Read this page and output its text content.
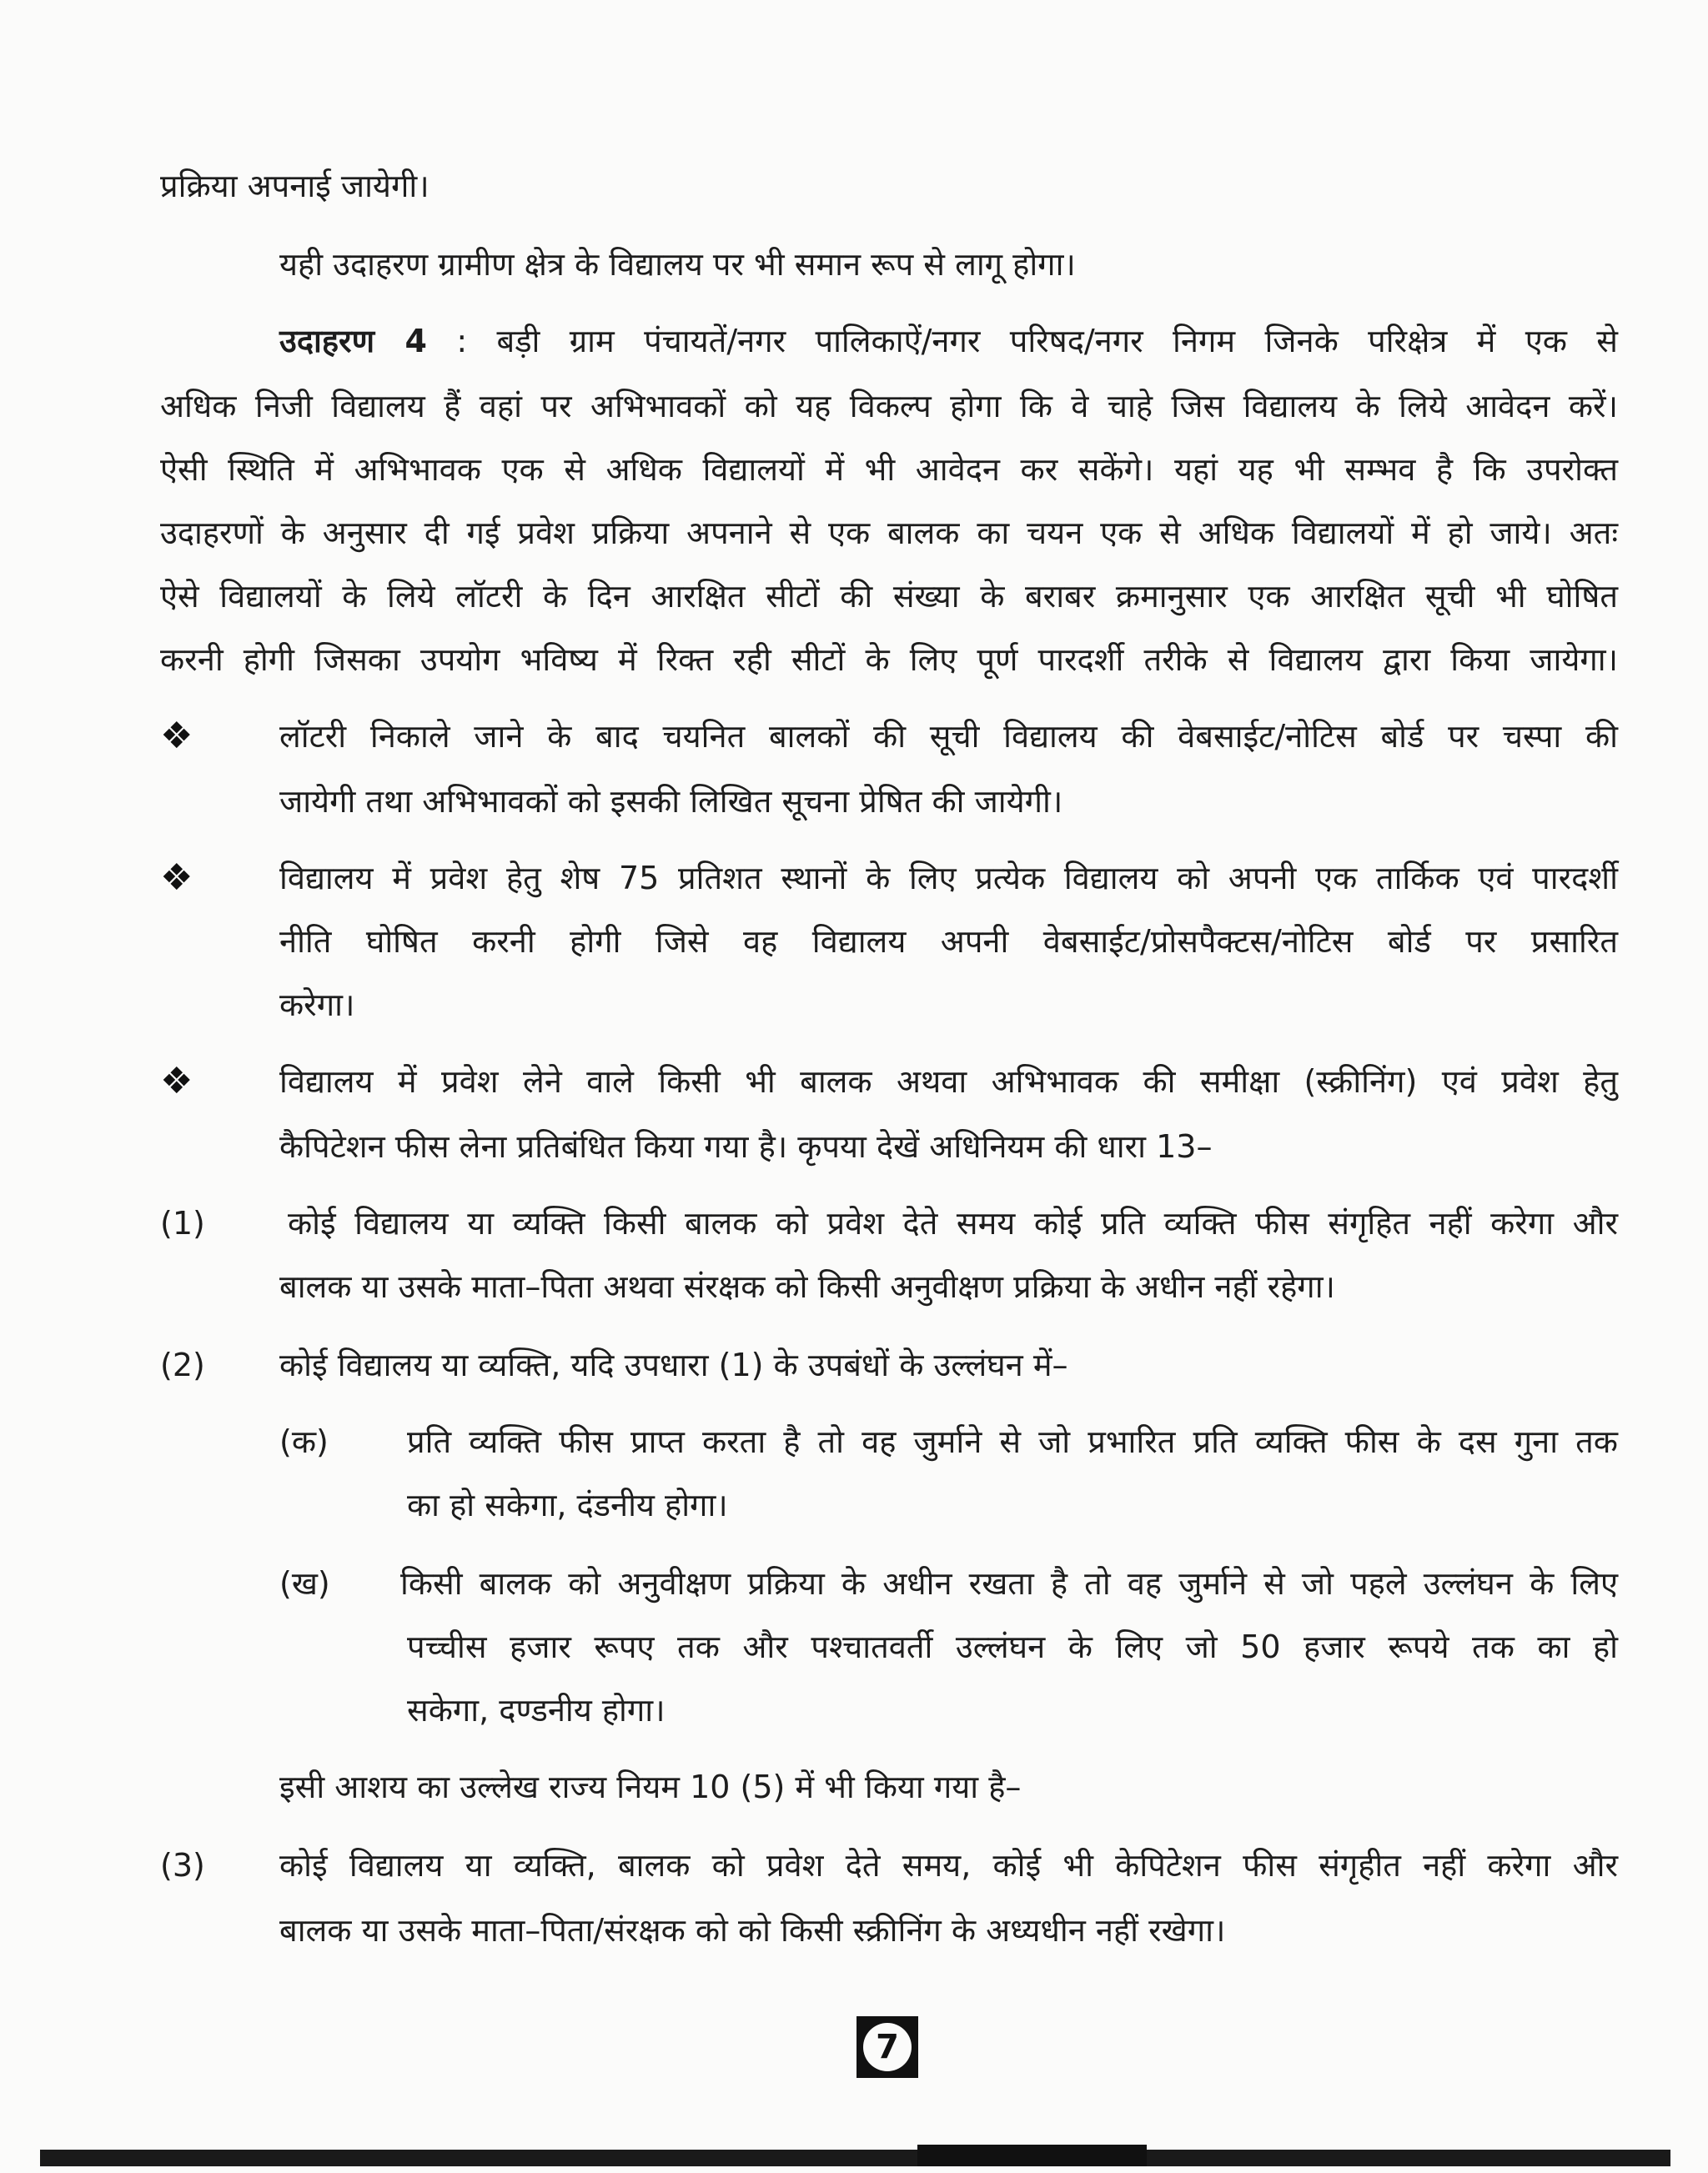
प्रक्रिया अपनाई जायेगी।
यही उदाहरण ग्रामीण क्षेत्र के विद्यालय पर भी समान रूप से लागू होगा।
उदाहरण 4 : बड़ी ग्राम पंचायतें/नगर पालिकाऐं/नगर परिषद/नगर निगम जिनके परिक्षेत्र में एक से
अधिक निजी विद्यालय हैं वहां पर अभिभावकों को यह विकल्प होगा कि वे चाहे जिस विद्यालय के लिये आवेदन करें।
ऐसी स्थिति में अभिभावक एक से अधिक विद्यालयों में भी आवेदन कर सकेंगे। यहां यह भी सम्भव है कि उपरोक्त
उदाहरणों के अनुसार दी गई प्रवेश प्रक्रिया अपनाने से एक बालक का चयन एक से अधिक विद्यालयों में हो जाये। अतः
ऐसे विद्यालयों के लिये लॉटरी के दिन आरक्षित सीटों की संख्या के बराबर क्रमानुसार एक आरक्षित सूची भी घोषित
करनी होगी जिसका उपयोग भविष्य में रिक्त रही सीटों के लिए पूर्ण पारदर्शी तरीके से विद्यालय द्वारा किया जायेगा।
❖	लॉटरी निकाले जाने के बाद चयनित बालकों की सूची विद्यालय की वेबसाईट/नोटिस बोर्ड पर चस्पा की
जायेगी तथा अभिभावकों को इसकी लिखित सूचना प्रेषित की जायेगी।
❖	विद्यालय में प्रवेश हेतु शेष 75 प्रतिशत स्थानों के लिए प्रत्येक विद्यालय को अपनी एक तार्किक एवं पारदर्शी
नीति घोषित करनी होगी जिसे वह विद्यालय अपनी वेबसाईट/प्रोसपैक्टस/नोटिस बोर्ड पर प्रसारित
करेगा।
❖	विद्यालय में प्रवेश लेने वाले किसी भी बालक अथवा अभिभावक की समीक्षा (स्क्रीनिंग) एवं प्रवेश हेतु
कैपिटेशन फीस लेना प्रतिबंधित किया गया है। कृपया देखें अधिनियम की धारा 13–
(1)	कोई विद्यालय या व्यक्ति किसी बालक को प्रवेश देते समय कोई प्रति व्यक्ति फीस संगृहित नहीं करेगा और
बालक या उसके माता–पिता अथवा संरक्षक को किसी अनुवीक्षण प्रक्रिया के अधीन नहीं रहेगा।
(2) कोई विद्यालय या व्यक्ति, यदि उपधारा (1) के उपबंधों के उल्लंघन में–
(क) प्रति व्यक्ति फीस प्राप्त करता है तो वह जुर्माने से जो प्रभारित प्रति व्यक्ति फीस के दस गुना तक
का हो सकेगा, दंडनीय होगा।
(ख) किसी बालक को अनुवीक्षण प्रक्रिया के अधीन रखता है तो वह जुर्माने से जो पहले उल्लंघन के लिए
पच्चीस हजार रूपए तक और पश्चातवर्ती उल्लंघन के लिए जो 50 हजार रूपये तक का हो
सकेगा, दण्डनीय होगा।
इसी आशय का उल्लेख राज्य नियम 10 (5) में भी किया गया है–
(3) कोई विद्यालय या व्यक्ति, बालक को प्रवेश देते समय, कोई भी केपिटेशन फीस संगृहीत नहीं करेगा और
बालक या उसके माता–पिता/संरक्षक को को किसी स्क्रीनिंग के अध्यधीन नहीं रखेगा।
7
